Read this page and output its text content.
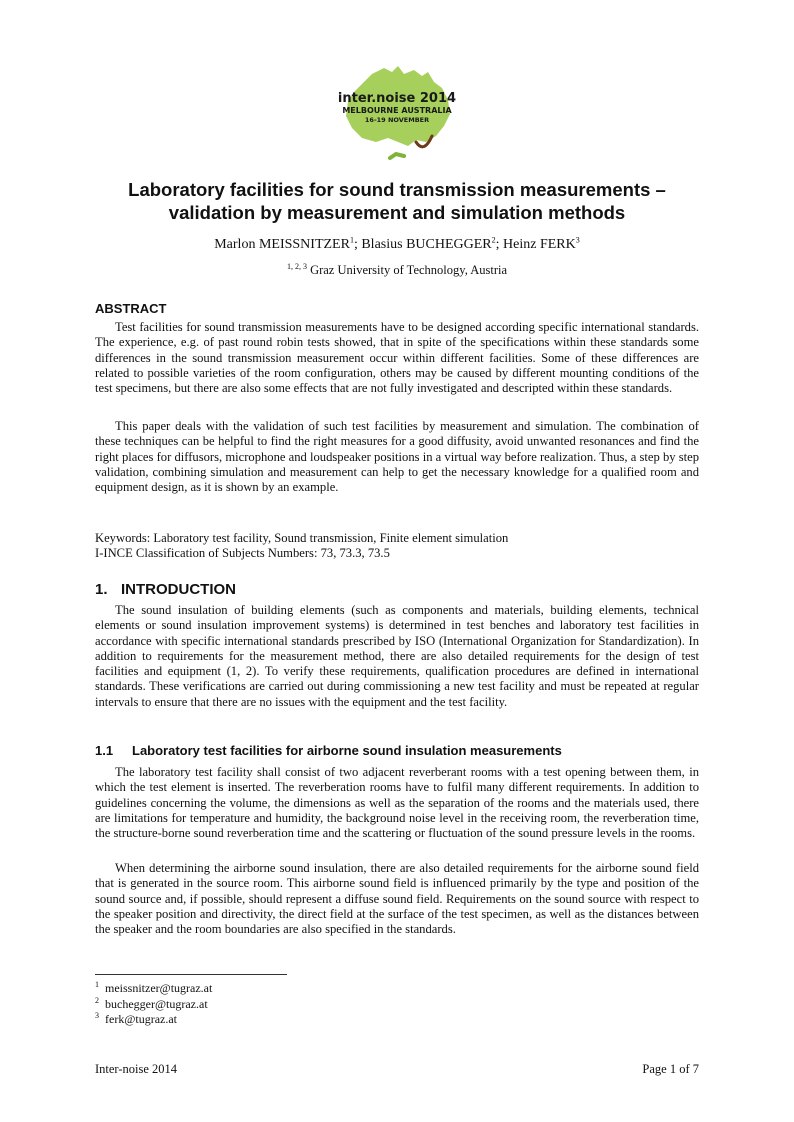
inter.noise 2014
MELBOURNE AUSTRALIA
16-19 NOVEMBER
Laboratory facilities for sound transmission measurements –
validation by measurement and simulation methods

Marlon MEISSNITZER$^1$; Blasius BUCHEGGER$^2$; Heinz FERK$^3$

$^{1, 2, 3}$ Graz University of Technology, Austria

ABSTRACT

Test facilities for sound transmission measurements have to be designed according specific international standards. The experience, e.g. of past round robin tests showed, that in spite of the specifications within these standards some differences in the sound transmission measurement occur within different facilities. Some of these differences are related to possible varieties of the room configuration, others may be caused by different mounting conditions of the test specimens, but there are also some effects that are not fully investigated and descripted within these standards.

This paper deals with the validation of such test facilities by measurement and simulation. The combination of these techniques can be helpful to find the right measures for a good diffusity, avoid unwanted resonances and find the right places for diffusors, microphone and loudspeaker positions in a virtual way before realization. Thus, a step by step validation, combining simulation and measurement can help to get the necessary knowledge for a qualified room and equipment design, as it is shown by an example.

Keywords: Laboratory test facility, Sound transmission, Finite element simulation

I-INCE Classification of Subjects Numbers: 73, 73.3, 73.5

1. INTRODUCTION

The sound insulation of building elements (such as components and materials, building elements, technical elements or sound insulation improvement systems) is determined in test benches and laboratory test facilities in accordance with specific international standards prescribed by ISO (International Organization for Standardization). In addition to requirements for the measurement method, there are also detailed requirements for the design of test facilities and equipment (1, 2). To verify these requirements, qualification procedures are defined in international standards. These verifications are carried out during commissioning a new test facility and must be repeated at regular intervals to ensure that there are no issues with the equipment and the test facility.

1.1 Laboratory test facilities for airborne sound insulation measurements

The laboratory test facility shall consist of two adjacent reverberant rooms with a test opening between them, in which the test element is inserted. The reverberation rooms have to fulfil many different requirements. In addition to guidelines concerning the volume, the dimensions as well as the separation of the rooms and the materials used, there are limitations for temperature and humidity, the background noise level in the receiving room, the reverberation time, the structure-borne sound reverberation time and the scattering or fluctuation of the sound pressure levels in the rooms.

When determining the airborne sound insulation, there are also detailed requirements for the airborne sound field that is generated in the source room. This airborne sound field is influenced primarily by the type and position of the sound source and, if possible, should represent a diffuse sound field. Requirements on the sound source with respect to the speaker position and directivity, the direct field at the surface of the test specimen, as well as the distances between the speaker and the room boundaries are also specified in the standards.

$^1$ meissnitzer@tugraz.at
$^2$ buchegger@tugraz.at
$^3$ ferk@tugraz.at
Inter-noise 2014	Page 1 of 7
